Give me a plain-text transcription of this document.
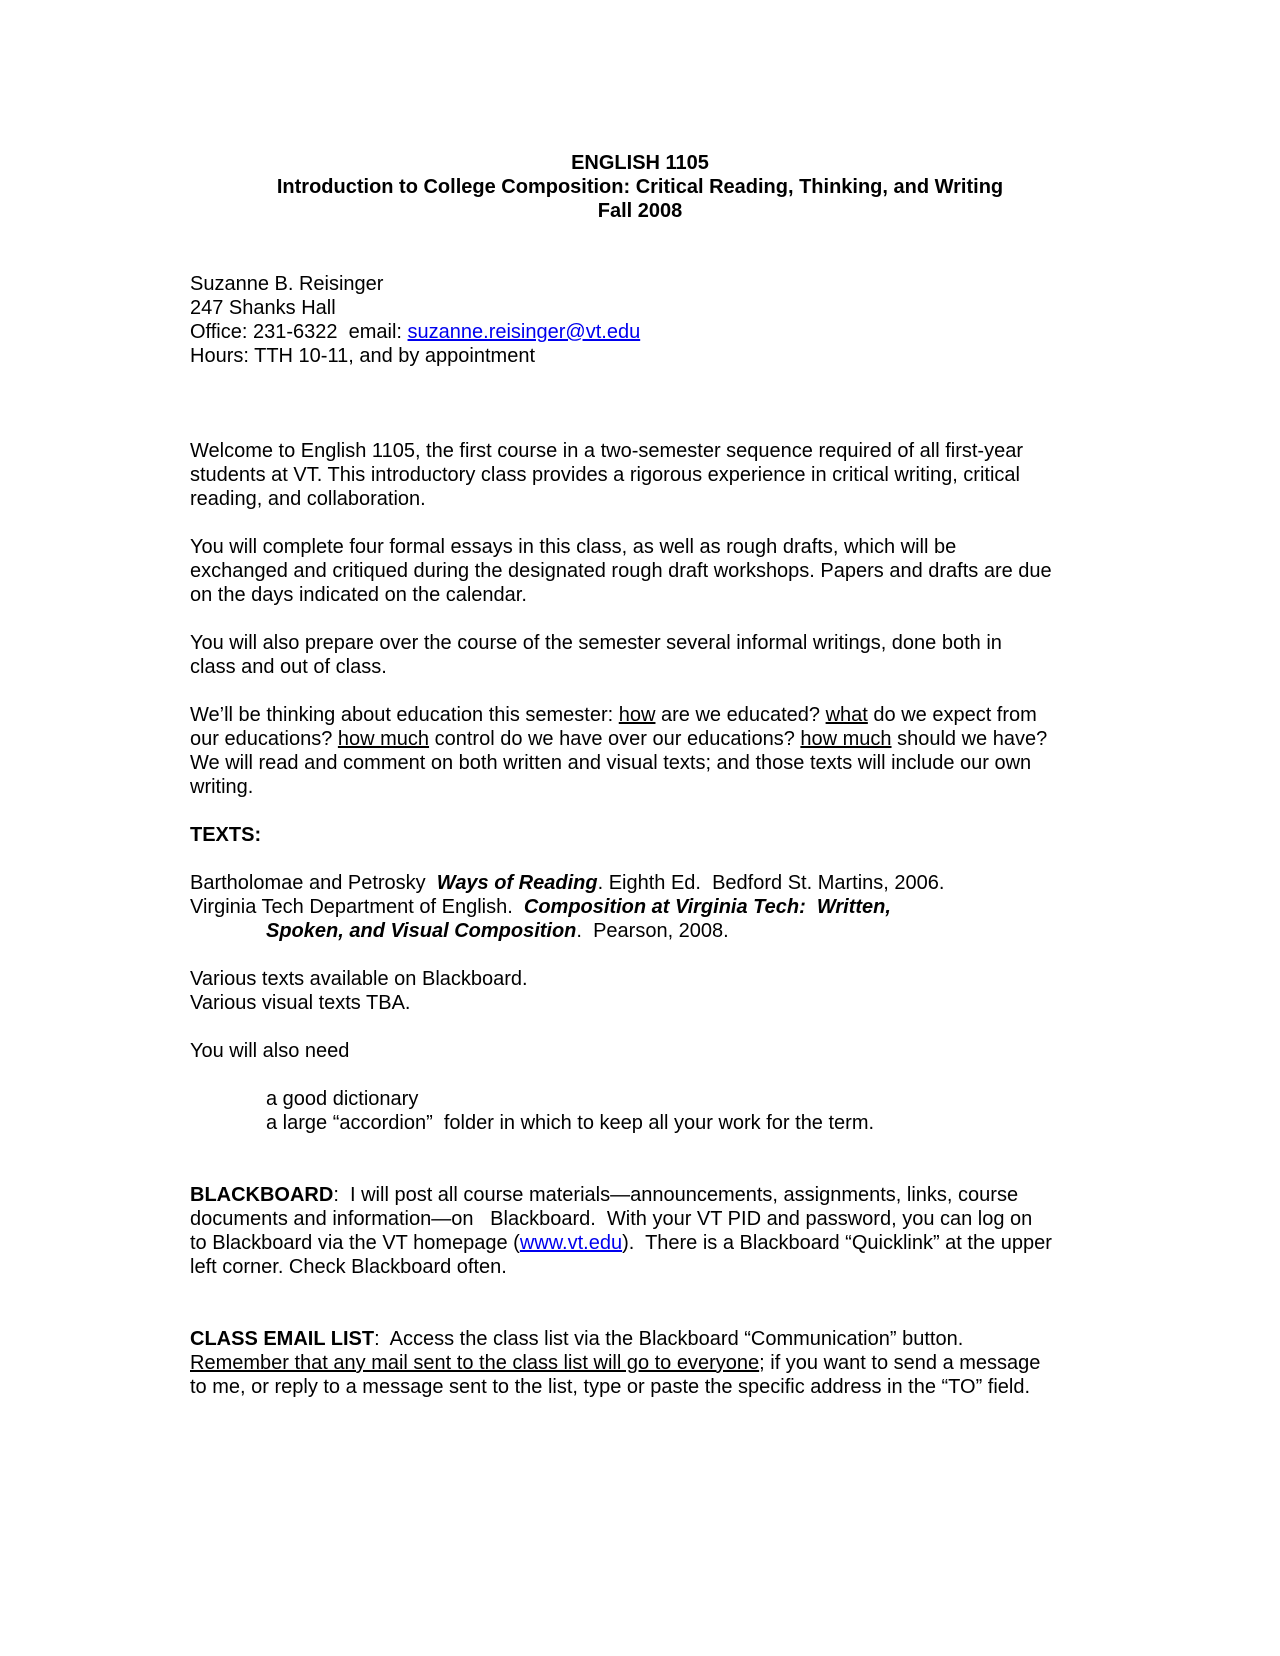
ENGLISH 1105
Introduction to College Composition: Critical Reading, Thinking, and Writing
Fall 2008
Suzanne B. Reisinger
247 Shanks Hall
Office: 231-6322  email: suzanne.reisinger@vt.edu
Hours: TTH 10-11, and by appointment
Welcome to English 1105, the first course in a two-semester sequence required of all first-year
students at VT. This introductory class provides a rigorous experience in critical writing, critical
reading, and collaboration.
You will complete four formal essays in this class, as well as rough drafts, which will be
exchanged and critiqued during the designated rough draft workshops. Papers and drafts are due
on the days indicated on the calendar.
You will also prepare over the course of the semester several informal writings, done both in
class and out of class.
We’ll be thinking about education this semester: how are we educated? what do we expect from
our educations? how much control do we have over our educations? how much should we have?
We will read and comment on both written and visual texts; and those texts will include our own
writing.
TEXTS:
Bartholomae and Petrosky  Ways of Reading. Eighth Ed.  Bedford St. Martins, 2006.
Virginia Tech Department of English.  Composition at Virginia Tech:  Written,
Spoken, and Visual Composition.  Pearson, 2008.
Various texts available on Blackboard.
Various visual texts TBA.
You will also need
a good dictionary
a large “accordion”  folder in which to keep all your work for the term.
BLACKBOARD:  I will post all course materials—announcements, assignments, links, course
documents and information—on   Blackboard.  With your VT PID and password, you can log on
to Blackboard via the VT homepage (www.vt.edu).  There is a Blackboard “Quicklink” at the upper
left corner. Check Blackboard often.
CLASS EMAIL LIST:  Access the class list via the Blackboard “Communication” button.
Remember that any mail sent to the class list will go to everyone; if you want to send a message
to me, or reply to a message sent to the list, type or paste the specific address in the “TO” field.
